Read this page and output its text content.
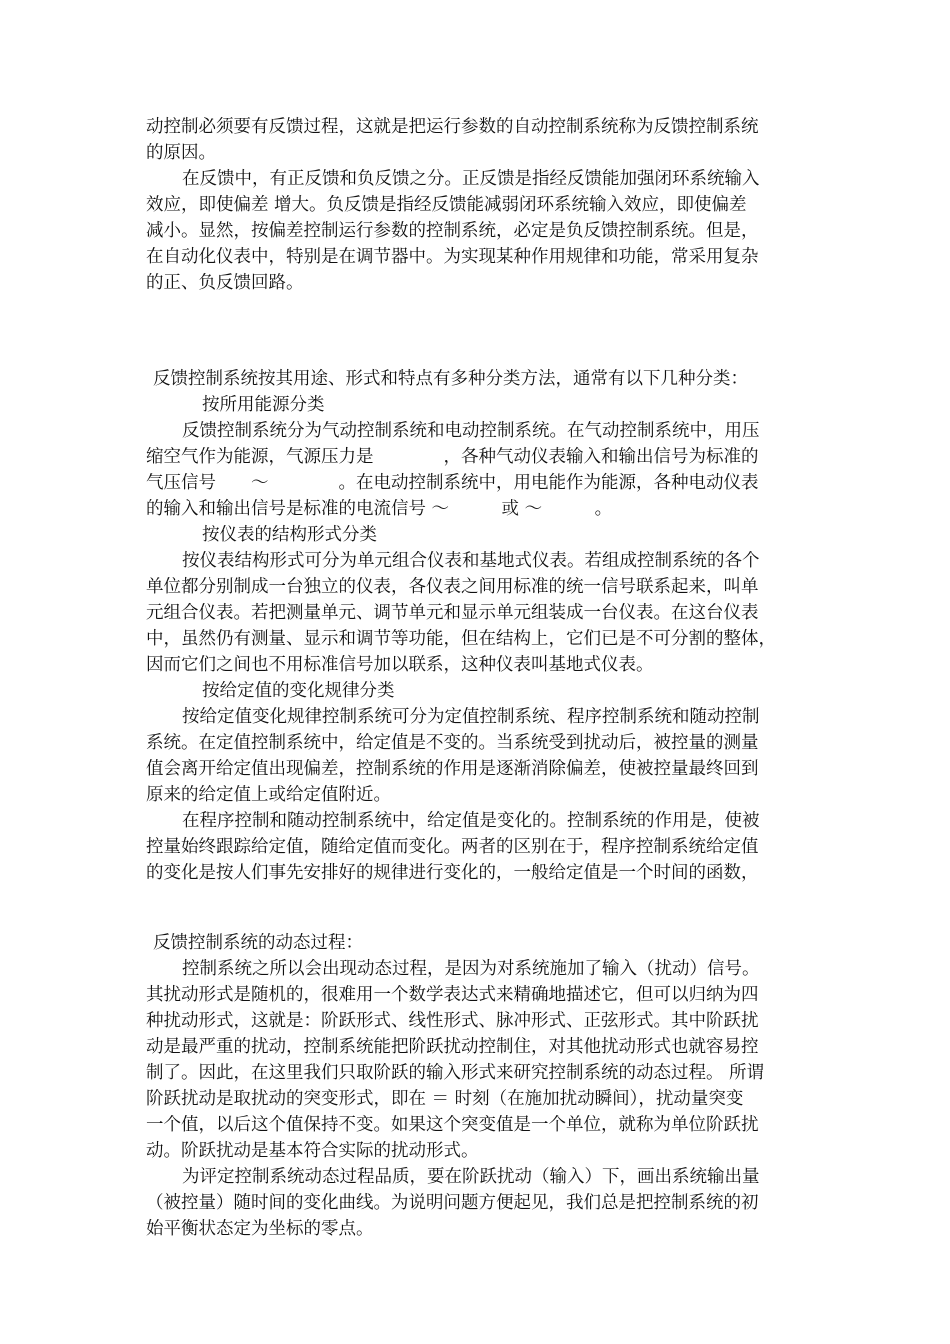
动控制必须要有反馈过程，这就是把运行参数的自动控制系统称为反馈控制系统
的原因。
在反馈中，有正反馈和负反馈之分。正反馈是指经反馈能加强闭环系统输入
效应，即使偏差 增大。负反馈是指经反馈能减弱闭环系统输入效应，即使偏差
减小。显然，按偏差控制运行参数的控制系统，必定是负反馈控制系统。但是，
在自动化仪表中，特别是在调节器中。为实现某种作用规律和功能，常采用复杂
的正、负反馈回路。
反馈控制系统按其用途、形式和特点有多种分类方法，通常有以下几种分类：
按所用能源分类
反馈控制系统分为气动控制系统和电动控制系统。在气动控制系统中，用压
缩空气作为能源，气源压力是　　　　，各种气动仪表输入和输出信号为标准的
气压信号　　～　　　　。在电动控制系统中，用电能作为能源，各种电动仪表
的输入和输出信号是标准的电流信号 ～　　　或 ～　　　。
按仪表的结构形式分类
按仪表结构形式可分为单元组合仪表和基地式仪表。若组成控制系统的各个
单位都分别制成一台独立的仪表，各仪表之间用标准的统一信号联系起来，叫单
元组合仪表。若把测量单元、调节单元和显示单元组装成一台仪表。在这台仪表
中，虽然仍有测量、显示和调节等功能，但在结构上，它们已是不可分割的整体，
因而它们之间也不用标准信号加以联系，这种仪表叫基地式仪表。
按给定值的变化规律分类
按给定值变化规律控制系统可分为定值控制系统、程序控制系统和随动控制
系统。在定值控制系统中，给定值是不变的。当系统受到扰动后，被控量的测量
值会离开给定值出现偏差，控制系统的作用是逐渐消除偏差，使被控量最终回到
原来的给定值上或给定值附近。
在程序控制和随动控制系统中，给定值是变化的。控制系统的作用是，使被
控量始终跟踪给定值，随给定值而变化。两者的区别在于，程序控制系统给定值
的变化是按人们事先安排好的规律进行变化的，一般给定值是一个时间的函数，
反馈控制系统的动态过程：
控制系统之所以会出现动态过程，是因为对系统施加了输入（扰动）信号。
其扰动形式是随机的，很难用一个数学表达式来精确地描述它，但可以归纳为四
种扰动形式，这就是：阶跃形式、线性形式、脉冲形式、正弦形式。其中阶跃扰
动是最严重的扰动，控制系统能把阶跃扰动控制住，对其他扰动形式也就容易控
制了。因此，在这里我们只取阶跃的输入形式来研究控制系统的动态过程。 所谓
阶跃扰动是取扰动的突变形式，即在 ＝ 时刻（在施加扰动瞬间），扰动量突变
一个值，以后这个值保持不变。如果这个突变值是一个单位，就称为单位阶跃扰
动。阶跃扰动是基本符合实际的扰动形式。
为评定控制系统动态过程品质，要在阶跃扰动（输入）下，画出系统输出量
（被控量）随时间的变化曲线。为说明问题方便起见，我们总是把控制系统的初
始平衡状态定为坐标的零点。
